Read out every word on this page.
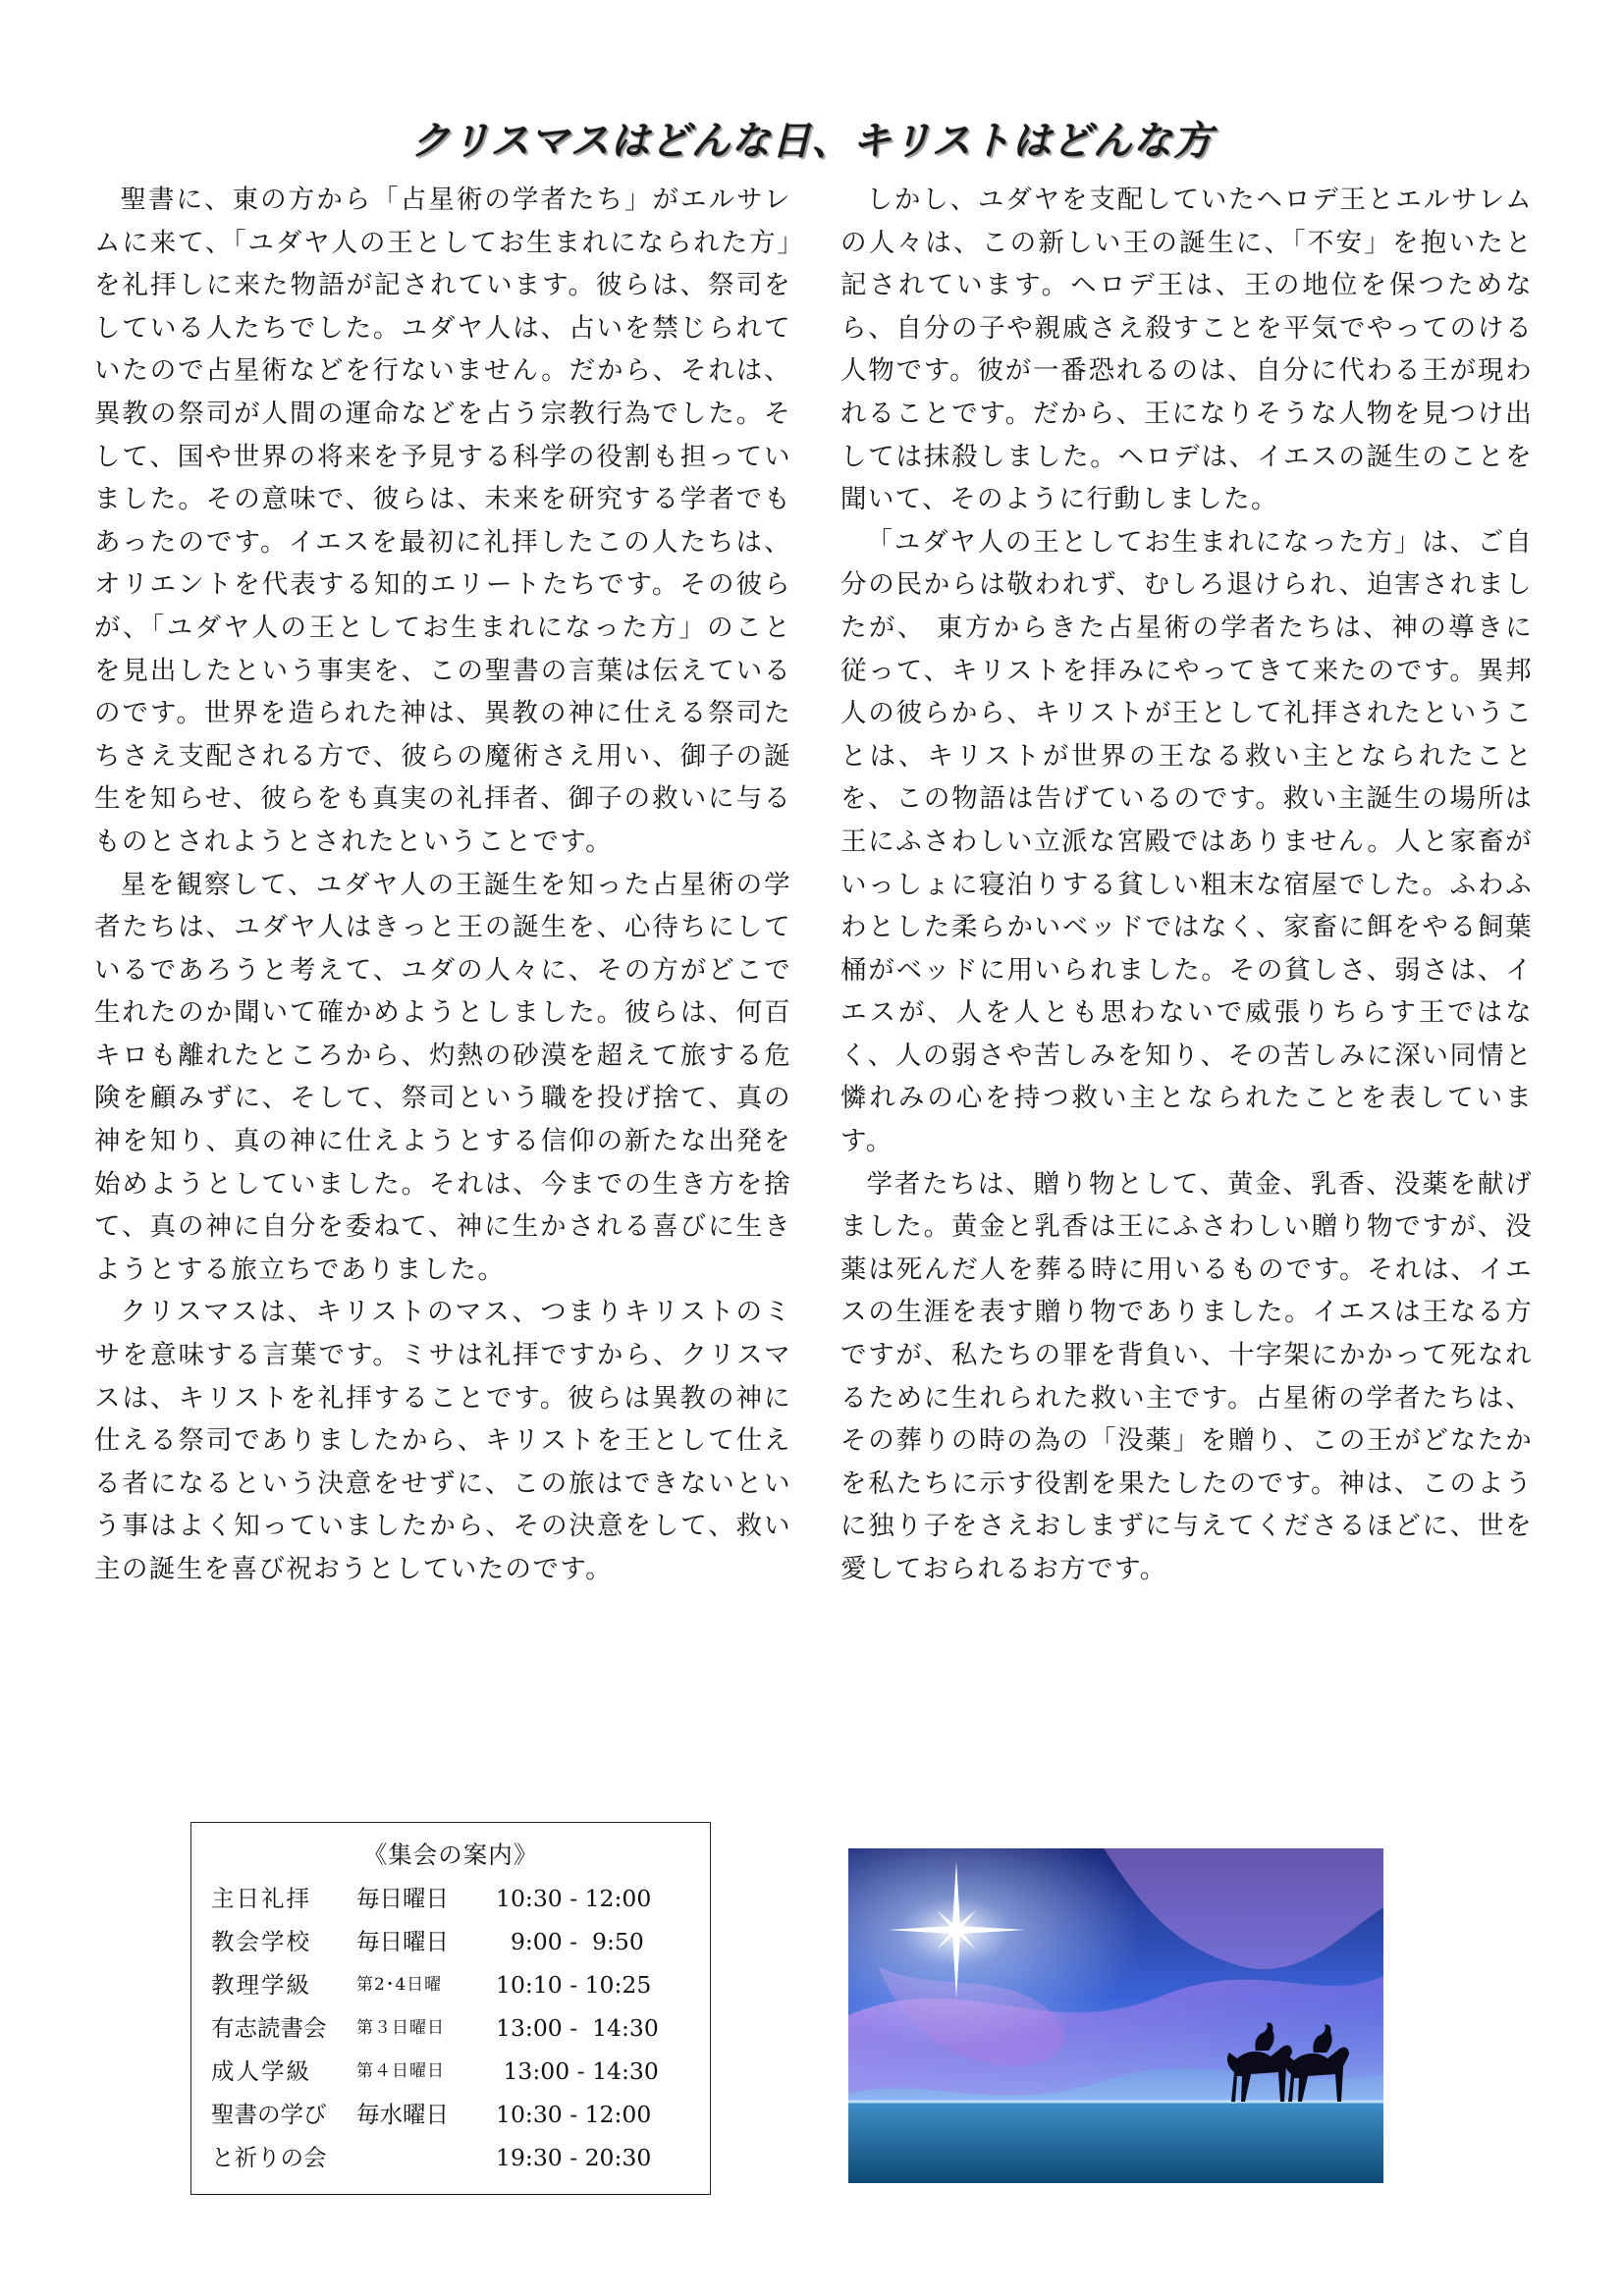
クリスマスはどんな日、キリストはどんな方

聖書に、東の方から「占星術の学者たち」がエルサレムに来て、「ユダヤ人の王としてお生まれになられた方」を礼拝しに来た物語が記されています。彼らは、祭司をしている人たちでした。ユダヤ人は、占いを禁じられていたので占星術などを行ないません。だから、それは、異教の祭司が人間の運命などを占う宗教行為でした。そして、国や世界の将来を予見する科学の役割も担っていました。その意味で、彼らは、未来を研究する学者でもあったのです。イエスを最初に礼拝したこの人たちは、オリエントを代表する知的エリートたちです。その彼らが、「ユダヤ人の王としてお生まれになった方」のことを見出したという事実を、この聖書の言葉は伝えているのです。世界を造られた神は、異教の神に仕える祭司たちさえ支配される方で、彼らの魔術さえ用い、御子の誕生を知らせ、彼らをも真実の礼拝者、御子の救いに与るものとされようとされたということです。

星を観察して、ユダヤ人の王誕生を知った占星術の学者たちは、ユダヤ人はきっと王の誕生を、心待ちにしているであろうと考えて、ユダの人々に、その方がどこで生れたのか聞いて確かめようとしました。彼らは、何百キロも離れたところから、灼熱の砂漠を超えて旅する危険を顧みずに、そして、祭司という職を投げ捨て、真の神を知り、真の神に仕えようとする信仰の新たな出発を始めようとしていました。それは、今までの生き方を捨て、真の神に自分を委ねて、神に生かされる喜びに生きようとする旅立ちでありました。

クリスマスは、キリストのマス、つまりキリストのミサを意味する言葉です。ミサは礼拝ですから、クリスマスは、キリストを礼拝することです。彼らは異教の神に仕える祭司でありましたから、キリストを王として仕える者になるという決意をせずに、この旅はできないという事はよく知っていましたから、その決意をして、救い主の誕生を喜び祝おうとしていたのです。

しかし、ユダヤを支配していたヘロデ王とエルサレムの人々は、この新しい王の誕生に、「不安」を抱いたと記されています。ヘロデ王は、王の地位を保つためなら、自分の子や親戚さえ殺すことを平気でやってのける人物です。彼が一番恐れるのは、自分に代わる王が現われることです。だから、王になりそうな人物を見つけ出しては抹殺しました。ヘロデは、イエスの誕生のことを聞いて、そのように行動しました。

「ユダヤ人の王としてお生まれになった方」は、ご自分の民からは敬われず、むしろ退けられ、迫害されましたが、 東方からきた占星術の学者たちは、神の導きに従って、キリストを拝みにやってきて来たのです。異邦人の彼らから、キリストが王として礼拝されたということは、キリストが世界の王なる救い主となられたことを、この物語は告げているのです。救い主誕生の場所は王にふさわしい立派な宮殿ではありません。人と家畜がいっしょに寝泊りする貧しい粗末な宿屋でした。ふわふわとした柔らかいベッドではなく、家畜に餌をやる飼葉桶がベッドに用いられました。その貧しさ、弱さは、イエスが、人を人とも思わないで威張りちらす王ではなく、人の弱さや苦しみを知り、その苦しみに深い同情と憐れみの心を持つ救い主となられたことを表しています。

学者たちは、贈り物として、黄金、乳香、没薬を献げました。黄金と乳香は王にふさわしい贈り物ですが、没薬は死んだ人を葬る時に用いるものです。それは、イエスの生涯を表す贈り物でありました。イエスは王なる方ですが、私たちの罪を背負い、十字架にかかって死なれるために生れられた救い主です。占星術の学者たちは、その葬りの時の為の「没薬」を贈り、この王がどなたかを私たちに示す役割を果たしたのです。神は、このように独り子をさえおしまずに与えてくださるほどに、世を愛しておられるお方です。

《集会の案内》
主日礼拝	毎日曜日 10:30 - 12:00
教会学校	毎日曜日 9:00 -  9:50
教理学級	第2･4日曜 10:10 - 10:25
有志読書会	第３日曜日 13:00 -  14:30
成人学級	第４日曜日 13:00 - 14:30
聖書の学び	毎水曜日 10:30 - 12:00
と祈りの会	19:30 - 20:30
